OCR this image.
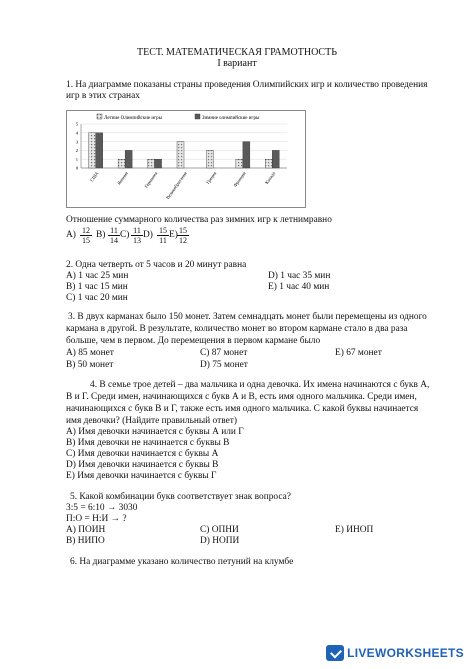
ТЕСТ. МАТЕМАТИЧЕСКАЯ ГРАМОТНОСТЬ
I вариант
1. На диаграмме показаны страны проведения Олимпийских игр и количество проведения
игр в этих странах
Летние Олимпийские игры	Зимние олимпийские игры
0
1
2
3
4
5
США	Япония	Германия Великобритания	Греция	Франция	Канада
Отношение суммарного количества раз зимних игр к летнимравно
$A) \frac{12}{15} B) \frac{11}{14} C) \frac{11}{13} D) \frac{15}{11} E) \frac{15}{12}$
2. Одна четверть от 5 часов и 20 минут равна
A) 1 час 25 мин	D) 1 час 35 мин
B) 1 час 15 мин	E) 1 час 40 мин
C) 1 час 20 мин
3. В двух карманах было 150 монет. Затем семнадцать монет были перемещены из одного
кармана в другой. В результате, количество монет во втором кармане стало в два раза
больше, чем в первом. До перемещения в первом кармане было
A) 85 монет	C) 87 монет	E) 67 монет
B) 50 монет	D) 75 монет
4. В семье трое детей – два мальчика и одна девочка. Их имена начинаются с букв А,
В и Г. Среди имен, начинающихся с букв А и В, есть имя одного мальчика. Среди имен,
начинающихся с букв В и Г, также есть имя одного мальчика. С какой буквы начинается
имя девочки? (Найдите правильный ответ)
A) Имя девочки начинается с буквы А или Г
B) Имя девочки не начинается с буквы В
C) Имя девочки начинается с буквы А
D) Имя девочки начинается с буквы В
E) Имя девочки начинается с буквы Г
5. Какой комбинации букв соответствует знак вопроса?
3:5 = 6:10 → 3030
П:О = Н:И → ?
A) ПОИН	C) ОПНИ	E) ИНОП
B) НИПО	D) НОПИ
6. На диаграмме указано количество петуний на клумбе
LIVEWORKSHEETS
